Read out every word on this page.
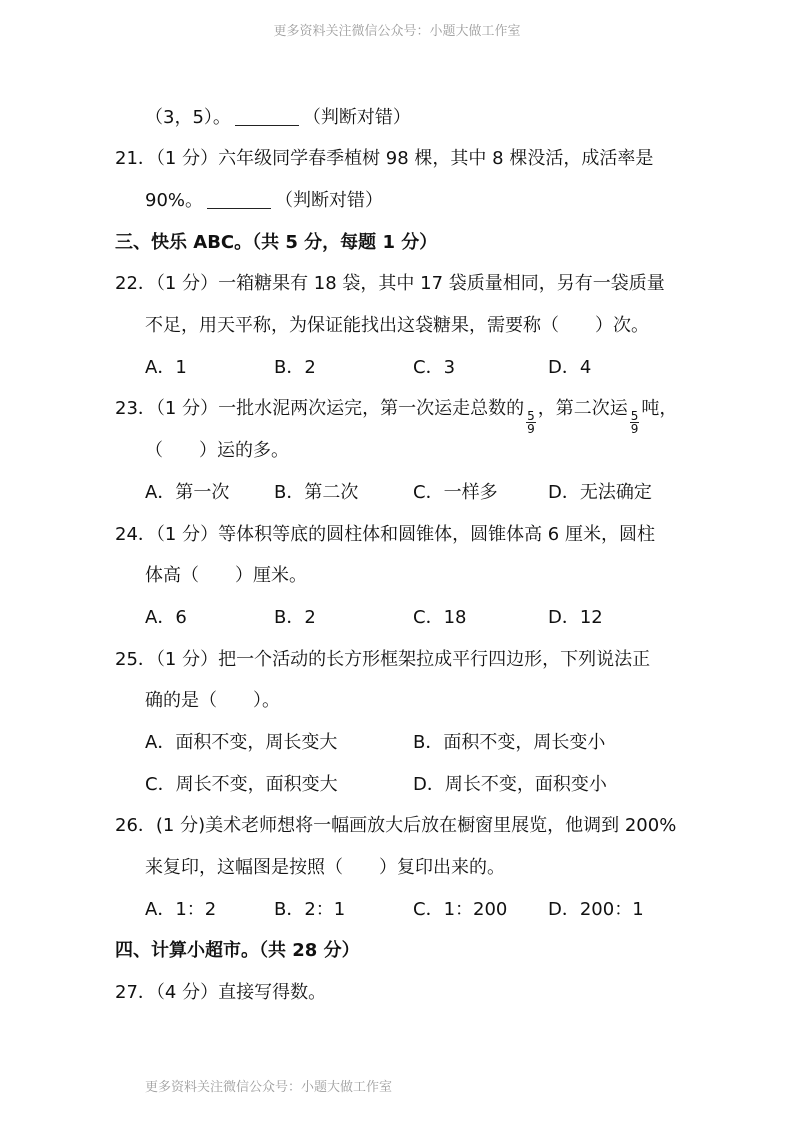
更多资料关注微信公众号：小题大做工作室
（3，5）。	（判断对错）
21．（1 分）六年级同学春季植树 98 棵，其中 8 棵没活，成活率是
90%。	（判断对错）
三、快乐 ABC。（共 5 分，每题 1 分）
22．（1 分）一箱糖果有 18 袋，其中 17 袋质量相同，另有一袋质量
不足，用天平称，为保证能找出这袋糖果，需要称（　　）次。
A．1	B．2	C．3	D．4
23．（1 分）一批水泥两次运完，第一次运走总数的
$\frac{5}{9}$
，第二次运
$\frac{5}{9}$
吨，
（　　）运的多。
A．第一次 B．第二次	C．一样多	D．无法确定
24．（1 分）等体积等底的圆柱体和圆锥体，圆锥体高 6 厘米，圆柱
体高（　　）厘米。
A．6	B．2	C．18	D．12
25．（1 分）把一个活动的长方形框架拉成平行四边形，下列说法正
确的是（　　）。
A．面积不变，周长变大	B．面积不变，周长变小
C．周长不变，面积变大	D．周长不变，面积变小
26．(1 分)美术老师想将一幅画放大后放在橱窗里展览，他调到 200%
来复印，这幅图是按照（　　）复印出来的。
A．1：2	B．2：1	C．1：200 D．200：1
四、计算小超市。（共 28 分）
27．（4 分）直接写得数。
更多资料关注微信公众号：小题大做工作室
